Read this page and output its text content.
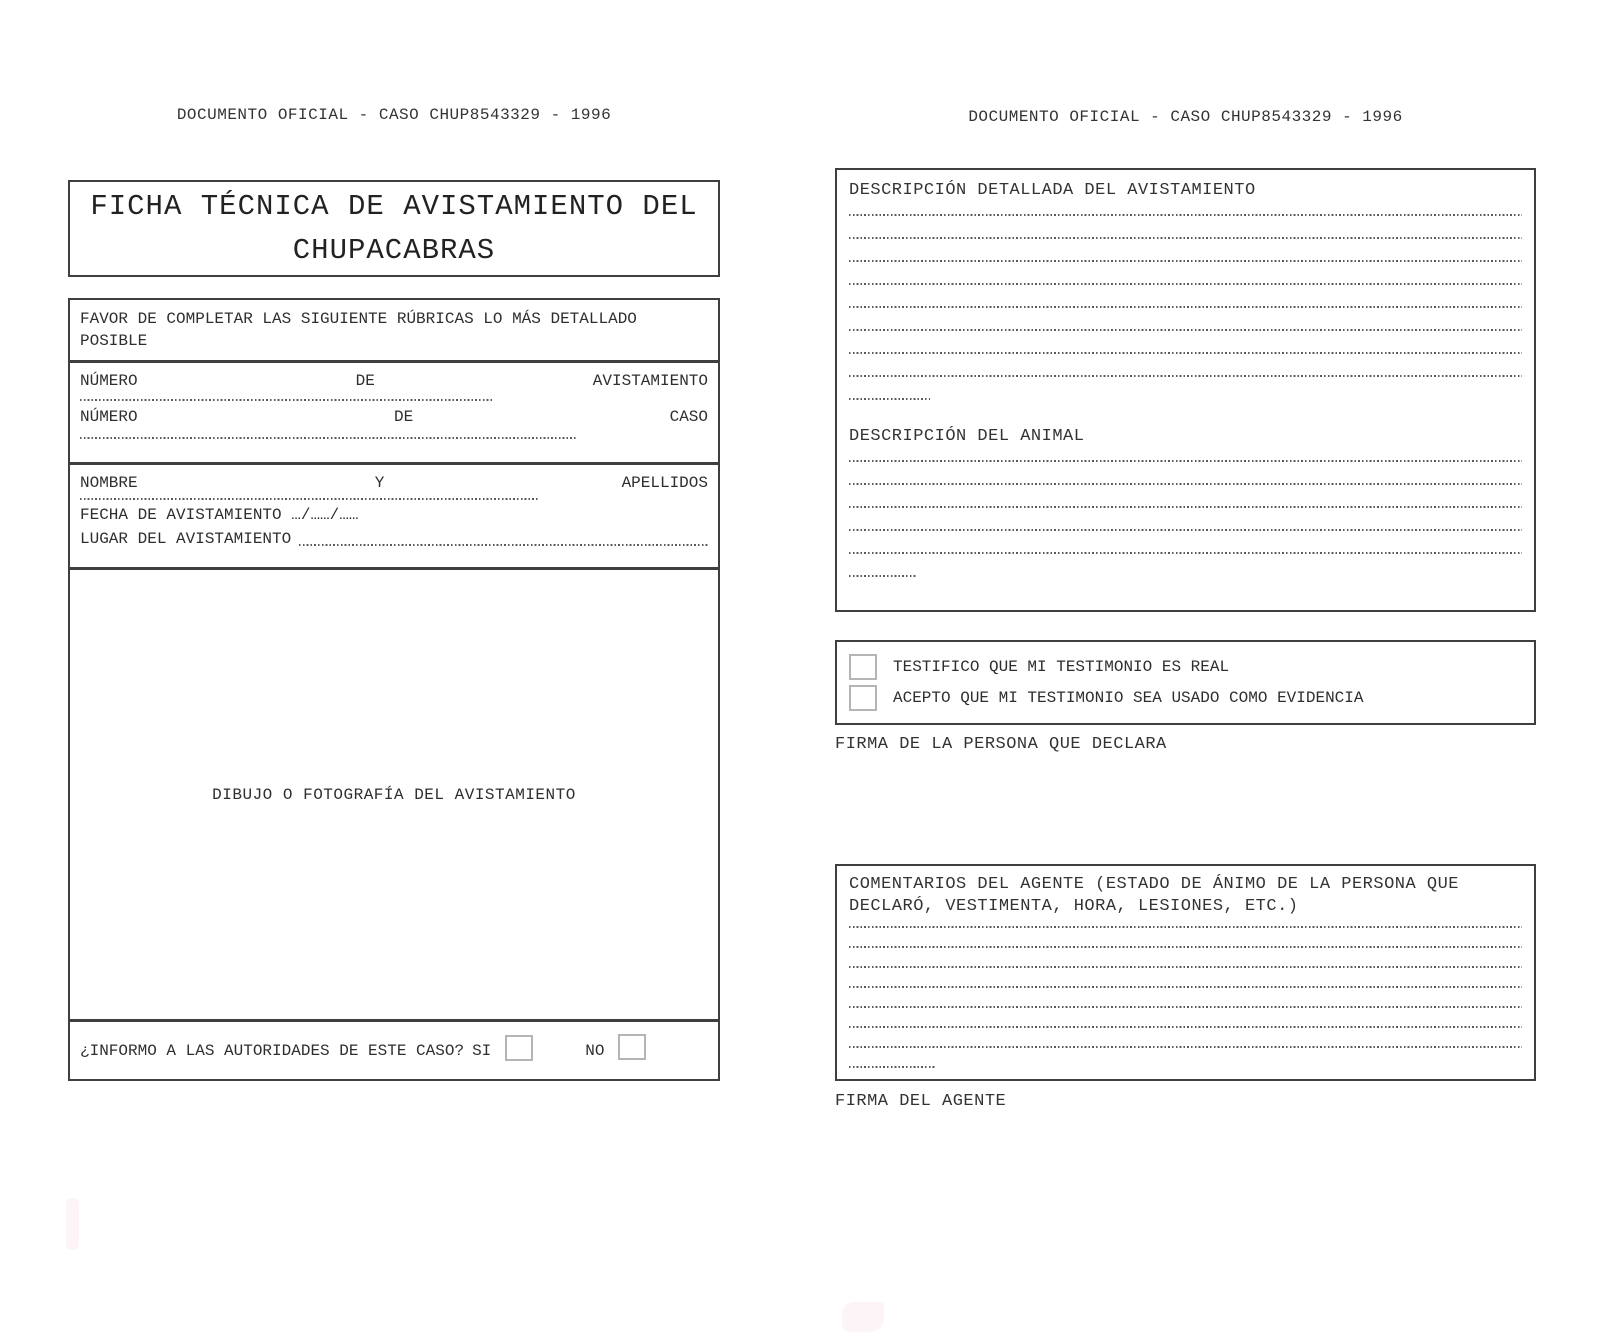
DOCUMENTO OFICIAL - CASO CHUP8543329 - 1996
FICHA TÉCNICA DE AVISTAMIENTO DEL CHUPACABRAS
FAVOR DE COMPLETAR LAS SIGUIENTE RÚBRICAS LO MÁS DETALLADO POSIBLE
NÚMERO	DE	AVISTAMIENTO
NÚMERO	DE	CASO
NOMBRE	Y	APELLIDOS
FECHA DE AVISTAMIENTO …/……/……
LUGAR DEL AVISTAMIENTO
DIBUJO O FOTOGRAFÍA DEL AVISTAMIENTO
¿INFORMO A LAS AUTORIDADES DE ESTE CASO? SI	NO
DOCUMENTO OFICIAL - CASO CHUP8543329 - 1996
DESCRIPCIÓN DETALLADA DEL AVISTAMIENTO
DESCRIPCIÓN DEL ANIMAL
TESTIFICO QUE MI TESTIMONIO ES REAL
ACEPTO QUE MI TESTIMONIO SEA USADO COMO EVIDENCIA
FIRMA DE LA PERSONA QUE DECLARA
COMENTARIOS DEL AGENTE (ESTADO DE ÁNIMO DE LA PERSONA QUE DECLARÓ, VESTIMENTA, HORA, LESIONES, ETC.)
FIRMA DEL AGENTE
